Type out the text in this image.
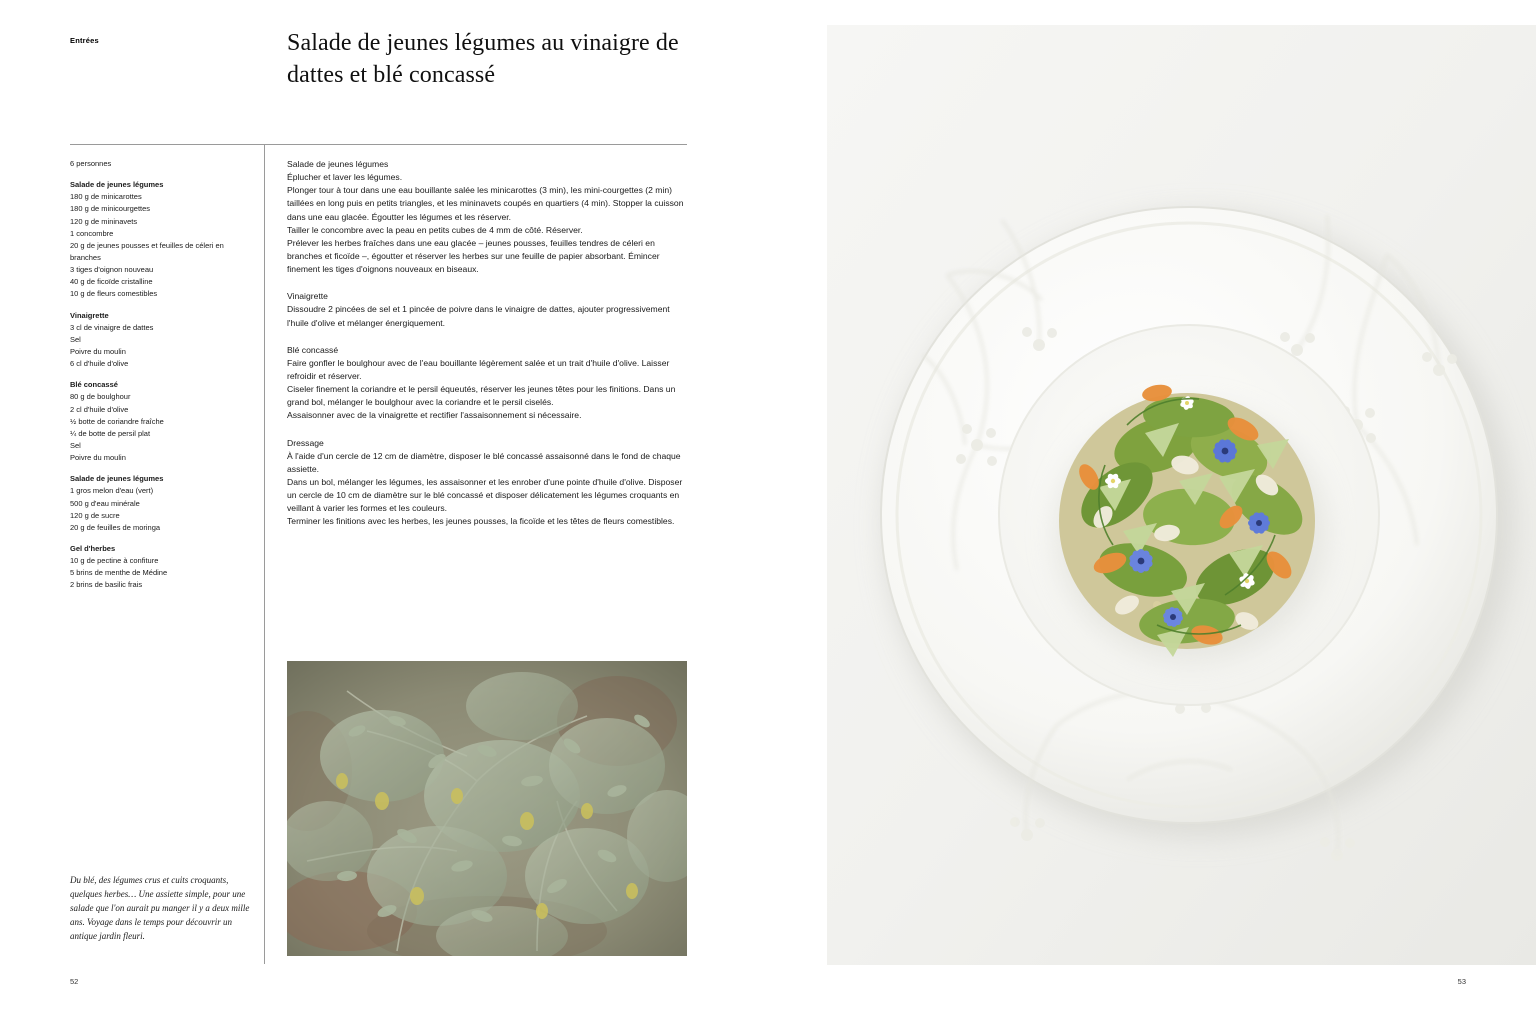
Entrées	Salade de jeunes légumes au vinaigre de dattes et blé concassé
6 personnes
Salade de jeunes légumes
180 g de minicarottes
180 g de minicourgettes
120 g de mininavets
1 concombre
20 g de jeunes pousses et feuilles de céleri en branches
3 tiges d'oignon nouveau
40 g de ficoïde cristalline
10 g de fleurs comestibles
Vinaigrette
3 cl de vinaigre de dattes
Sel
Poivre du moulin
6 cl d'huile d'olive
Blé concassé
80 g de boulghour
2 cl d'huile d'olive
½ botte de coriandre fraîche
¼ de botte de persil plat
Sel
Poivre du moulin
Salade de jeunes légumes
1 gros melon d'eau (vert)
500 g d'eau minérale
120 g de sucre
20 g de feuilles de moringa
Gel d'herbes
10 g de pectine à confiture
5 brins de menthe de Médine
2 brins de basilic frais
Salade de jeunes légumes

Éplucher et laver les légumes.

Plonger tour à tour dans une eau bouillante salée les minicarottes (3 min), les mini-courgettes (2 min) taillées en long puis en petits triangles, et les mininavets coupés en quartiers (4 min). Stopper la cuisson dans une eau glacée. Égoutter les légumes et les réserver.

Tailler le concombre avec la peau en petits cubes de 4 mm de côté. Réserver.

Prélever les herbes fraîches dans une eau glacée – jeunes pousses, feuilles tendres de céleri en branches et ficoïde –, égoutter et réserver les herbes sur une feuille de papier absorbant. Émincer finement les tiges d'oignons nouveaux en biseaux.

Vinaigrette

Dissoudre 2 pincées de sel et 1 pincée de poivre dans le vinaigre de dattes, ajouter progressivement l'huile d'olive et mélanger énergiquement.

Blé concassé

Faire gonfler le boulghour avec de l'eau bouillante légèrement salée et un trait d'huile d'olive. Laisser refroidir et réserver.

Ciseler finement la coriandre et le persil équeutés, réserver les jeunes têtes pour les finitions. Dans un grand bol, mélanger le boulghour avec la coriandre et le persil ciselés.

Assaisonner avec de la vinaigrette et rectifier l'assaisonnement si nécessaire.

Dressage

À l'aide d'un cercle de 12 cm de diamètre, disposer le blé concassé assaisonné dans le fond de chaque assiette.

Dans un bol, mélanger les légumes, les assaisonner et les enrober d'une pointe d'huile d'olive. Disposer un cercle de 10 cm de diamètre sur le blé concassé et disposer délicatement les légumes croquants en veillant à varier les formes et les couleurs.

Terminer les finitions avec les herbes, les jeunes pousses, la ficoïde et les têtes de fleurs comestibles.

Du blé, des légumes crus et cuits croquants, quelques herbes… Une assiette simple, pour une salade que l'on aurait pu manger il y a deux mille ans. Voyage dans le temps pour découvrir un antique jardin fleuri.
52	53
